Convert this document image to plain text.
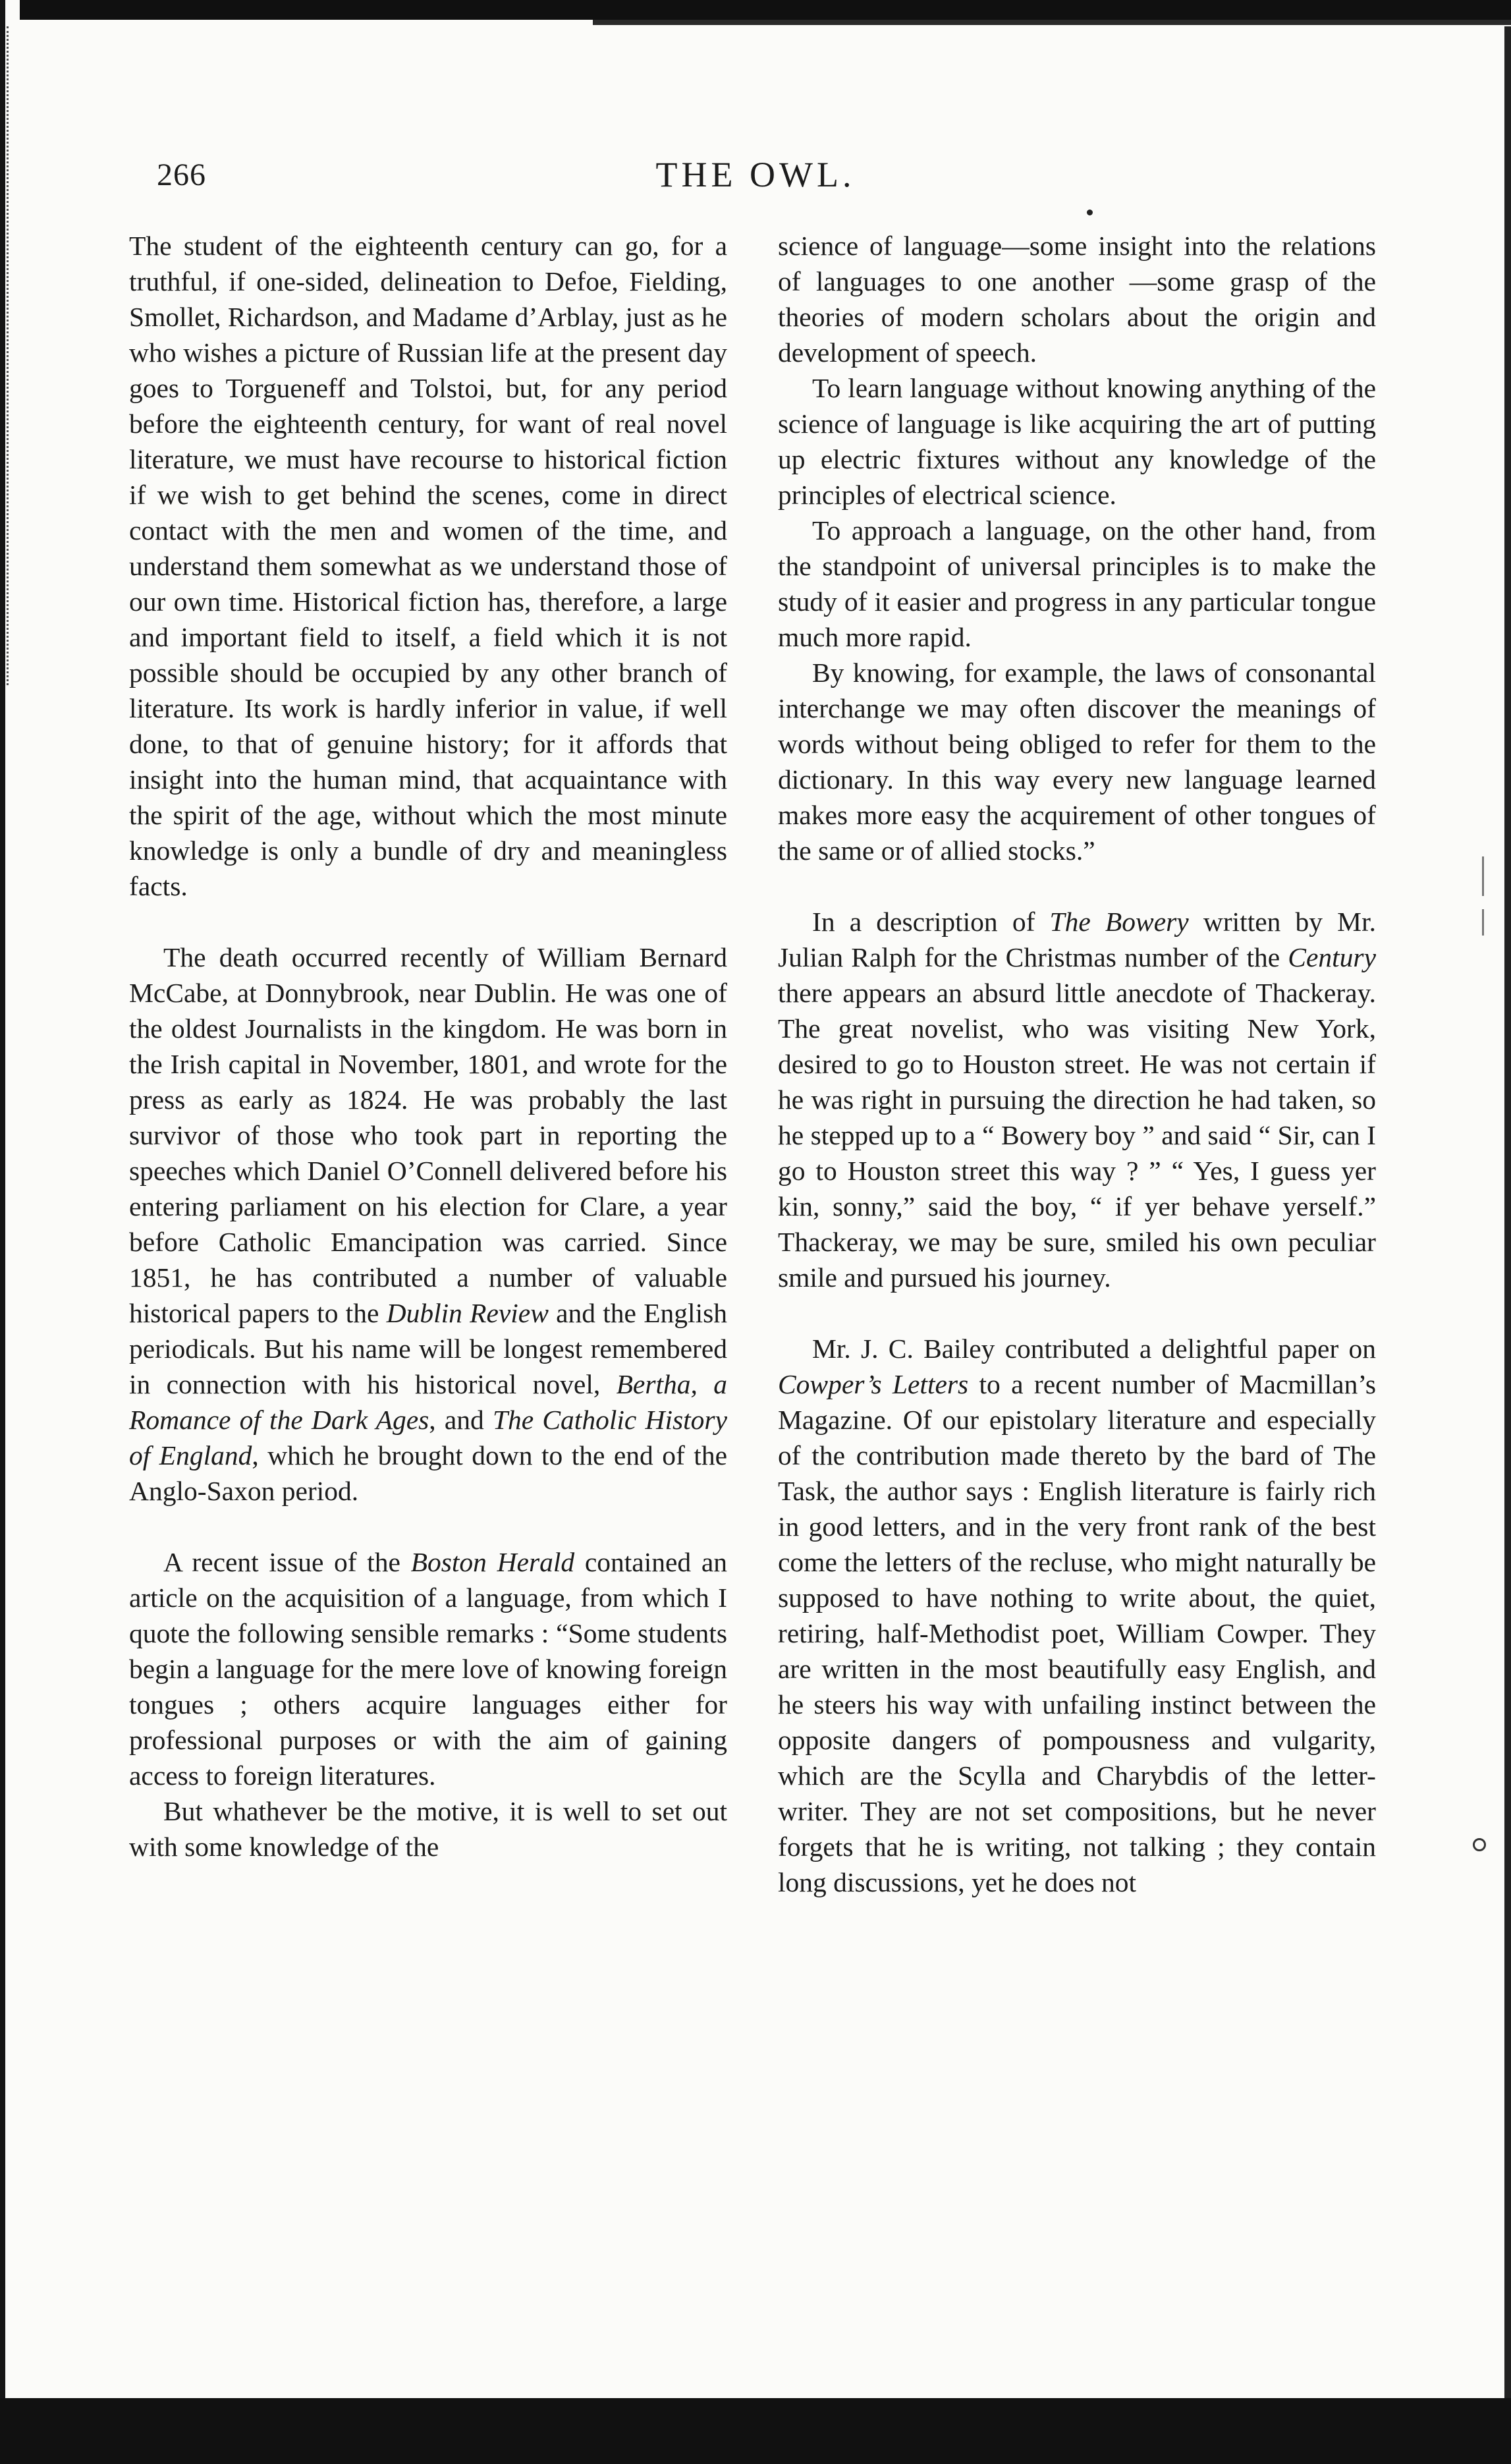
266	THE OWL.

The student of the eighteenth century can go, for a truthful, if one-sided, delineation to Defoe, Fielding, Smollet, Richardson, and Madame d’Arblay, just as he who wishes a picture of Russian life at the present day goes to Torgueneff and Tolstoi, but, for any period before the eighteenth century, for want of real novel literature, we must have recourse to historical fiction if we wish to get behind the scenes, come in direct contact with the men and women of the time, and understand them somewhat as we understand those of our own time. Historical fiction has, therefore, a large and important field to itself, a field which it is not possible should be occupied by any other branch of literature. Its work is hardly inferior in value, if well done, to that of genuine history; for it affords that insight into the human mind, that acquaintance with the spirit of the age, without which the most minute knowledge is only a bundle of dry and meaningless facts.

The death occurred recently of William Bernard McCabe, at Donnybrook, near Dublin. He was one of the oldest Journalists in the kingdom. He was born in the Irish capital in November, 1801, and wrote for the press as early as 1824. He was probably the last survivor of those who took part in reporting the speeches which Daniel O’Connell delivered before his entering parliament on his election for Clare, a year before Catholic Emancipation was carried. Since 1851, he has contributed a number of valuable historical papers to the Dublin Review and the English periodicals. But his name will be longest remembered in connection with his historical novel, Bertha, a Romance of the Dark Ages, and The Catholic History of England, which he brought down to the end of the Anglo-Saxon period.

A recent issue of the Boston Herald contained an article on the acquisition of a language, from which I quote the following sensible remarks : “Some students begin a language for the mere love of knowing foreign tongues ; others acquire languages either for professional purposes or with the aim of gaining access to foreign literatures.

But whathever be the motive, it is well to set out with some knowledge of the

science of language—some insight into the relations of languages to one another —some grasp of the theories of modern scholars about the origin and development of speech.

To learn language without knowing anything of the science of language is like acquiring the art of putting up electric fixtures without any knowledge of the principles of electrical science.

To approach a language, on the other hand, from the standpoint of universal principles is to make the study of it easier and progress in any particular tongue much more rapid.

By knowing, for example, the laws of consonantal interchange we may often discover the meanings of words without being obliged to refer for them to the dictionary. In this way every new language learned makes more easy the acquirement of other tongues of the same or of allied stocks.”

In a description of The Bowery written by Mr. Julian Ralph for the Christmas number of the Century there appears an absurd little anecdote of Thackeray. The great novelist, who was visiting New York, desired to go to Houston street. He was not certain if he was right in pursuing the direction he had taken, so he stepped up to a “ Bowery boy ” and said “ Sir, can I go to Houston street this way ? ” “ Yes, I guess yer kin, sonny,” said the boy, “ if yer behave yerself.” Thackeray, we may be sure, smiled his own peculiar smile and pursued his journey.

Mr. J. C. Bailey contributed a delightful paper on Cowper’s Letters to a recent number of Macmillan’s Magazine. Of our epistolary literature and especially of the contribution made thereto by the bard of The Task, the author says : English literature is fairly rich in good letters, and in the very front rank of the best come the letters of the recluse, who might naturally be supposed to have nothing to write about, the quiet, retiring, half-Methodist poet, William Cowper. They are written in the most beautifully easy English, and he steers his way with unfailing instinct between the opposite dangers of pompousness and vulgarity, which are the Scylla and Charybdis of the letter-writer. They are not set compositions, but he never forgets that he is writing, not talking ; they contain long discussions, yet he does not
